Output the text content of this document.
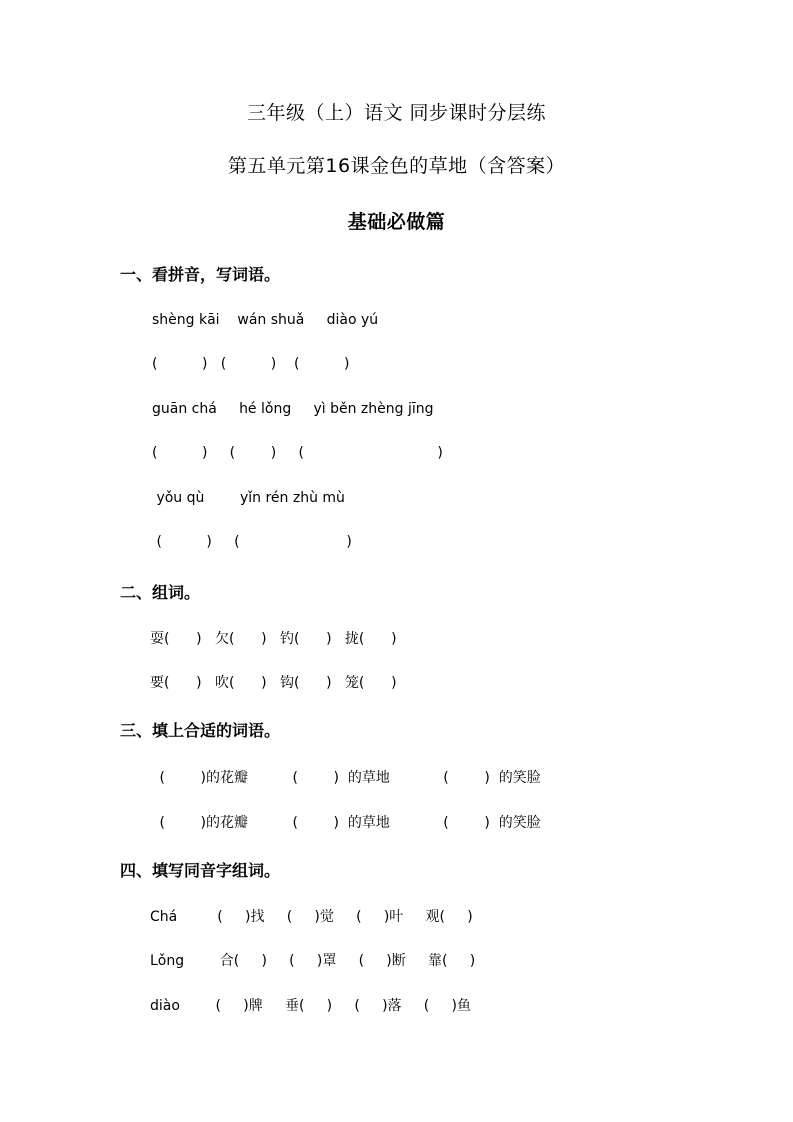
三年级（上）语文 同步课时分层练
第五单元第16课金色的草地（含答案）
基础必做篇
一、看拼音，写词语。
shèng kāi    wán shuǎ     diào yú
(          )   (          )    (          )
guān chá     hé lǒng     yì běn zhèng jīng
(          )     (        )     (                              )
yǒu qù        yǐn rén zhù mù
(          )     (                        )
二、组词。
耍(      )   欠(      )   钓(      )   拢(      )
要(      )   吹(      )   钩(      )   笼(      )
三、填上合适的词语。
(        )的花瓣          (        )  的草地            (        )  的笑脸
(        )的花瓣          (        )  的草地            (        )  的笑脸
四、填写同音字组词。
Chá         (     )找     (     )觉     (     )叶     观(     )
Lǒng        合(     )     (     )罩     (     )断     靠(     )
diào        (     )牌     垂(     )     (     )落     (     )鱼
